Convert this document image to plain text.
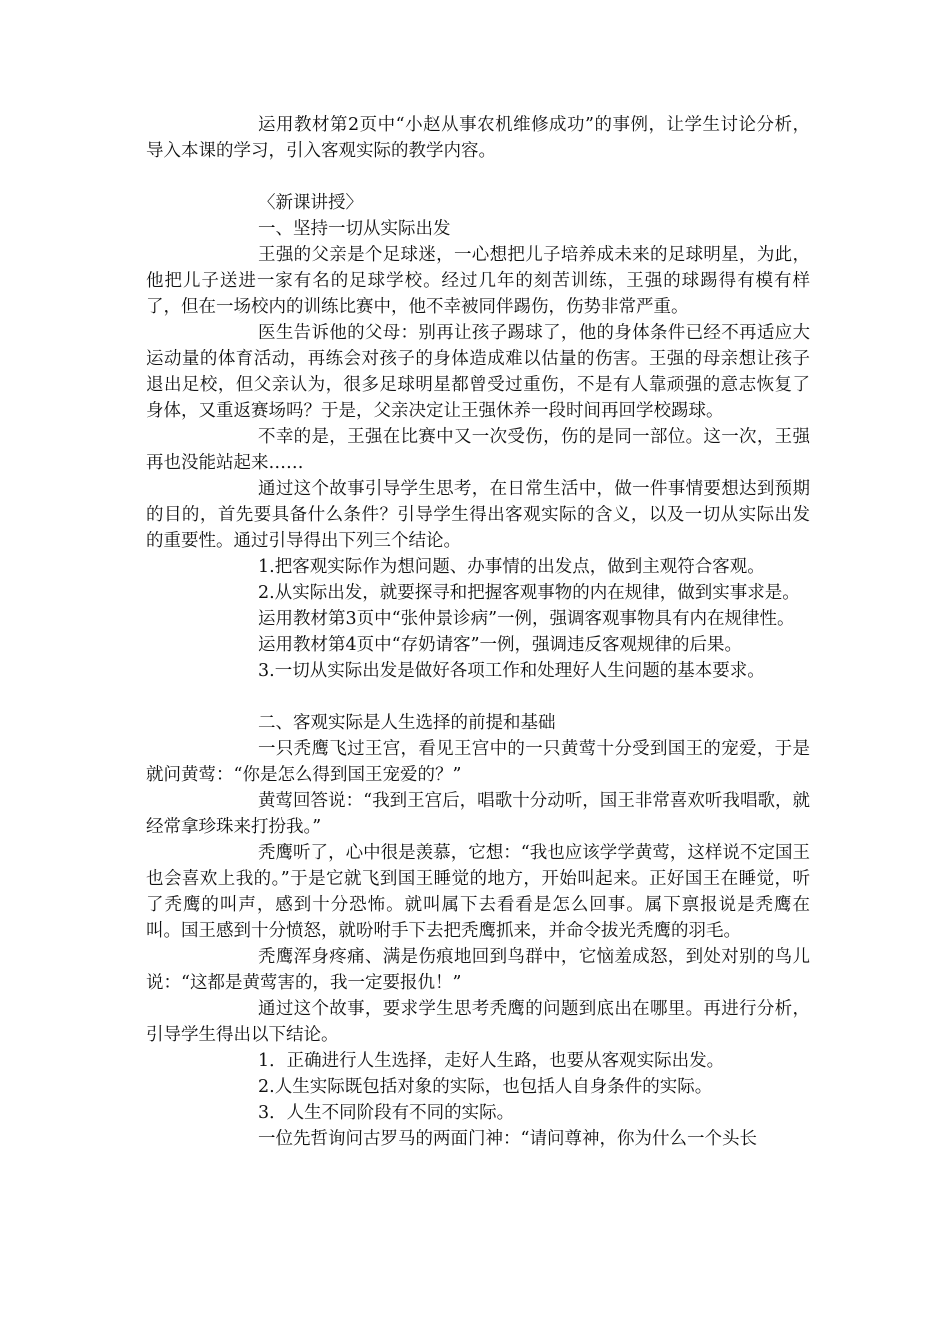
运用教材第2页中“小赵从事农机维修成功”的事例，让学生讨论分析，导入本课的学习，引入客观实际的教学内容。

〈新课讲授〉

一、坚持一切从实际出发

王强的父亲是个足球迷，一心想把儿子培养成未来的足球明星，为此，他把儿子送进一家有名的足球学校。经过几年的刻苦训练，王强的球踢得有模有样了，但在一场校内的训练比赛中，他不幸被同伴踢伤，伤势非常严重。

医生告诉他的父母：别再让孩子踢球了，他的身体条件已经不再适应大运动量的体育活动，再练会对孩子的身体造成难以估量的伤害。王强的母亲想让孩子退出足校，但父亲认为，很多足球明星都曾受过重伤，不是有人靠顽强的意志恢复了身体，又重返赛场吗？于是，父亲决定让王强休养一段时间再回学校踢球。

不幸的是，王强在比赛中又一次受伤，伤的是同一部位。这一次，王强再也没能站起来……

通过这个故事引导学生思考，在日常生活中，做一件事情要想达到预期的目的，首先要具备什么条件？引导学生得出客观实际的含义，以及一切从实际出发的重要性。通过引导得出下列三个结论。

1.把客观实际作为想问题、办事情的出发点，做到主观符合客观。

2.从实际出发，就要探寻和把握客观事物的内在规律，做到实事求是。

运用教材第3页中“张仲景诊病”一例，强调客观事物具有内在规律性。

运用教材第4页中“存奶请客”一例，强调违反客观规律的后果。

3.一切从实际出发是做好各项工作和处理好人生问题的基本要求。

二、客观实际是人生选择的前提和基础

一只秃鹰飞过王宫，看见王宫中的一只黄莺十分受到国王的宠爱，于是就问黄莺：“你是怎么得到国王宠爱的？”

黄莺回答说：“我到王宫后，唱歌十分动听，国王非常喜欢听我唱歌，就经常拿珍珠来打扮我。”

秃鹰听了，心中很是羡慕，它想：“我也应该学学黄莺，这样说不定国王也会喜欢上我的。”于是它就飞到国王睡觉的地方，开始叫起来。正好国王在睡觉，听了秃鹰的叫声，感到十分恐怖。就叫属下去看看是怎么回事。属下禀报说是秃鹰在叫。国王感到十分愤怒，就吩咐手下去把秃鹰抓来，并命令拔光秃鹰的羽毛。

秃鹰浑身疼痛、满是伤痕地回到鸟群中，它恼羞成怒，到处对别的鸟儿说：“这都是黄莺害的，我一定要报仇！”

通过这个故事，要求学生思考秃鹰的问题到底出在哪里。再进行分析，引导学生得出以下结论。

1．正确进行人生选择，走好人生路，也要从客观实际出发。

2.人生实际既包括对象的实际，也包括人自身条件的实际。

3．人生不同阶段有不同的实际。

一位先哲询问古罗马的两面门神：“请问尊神，你为什么一个头长
